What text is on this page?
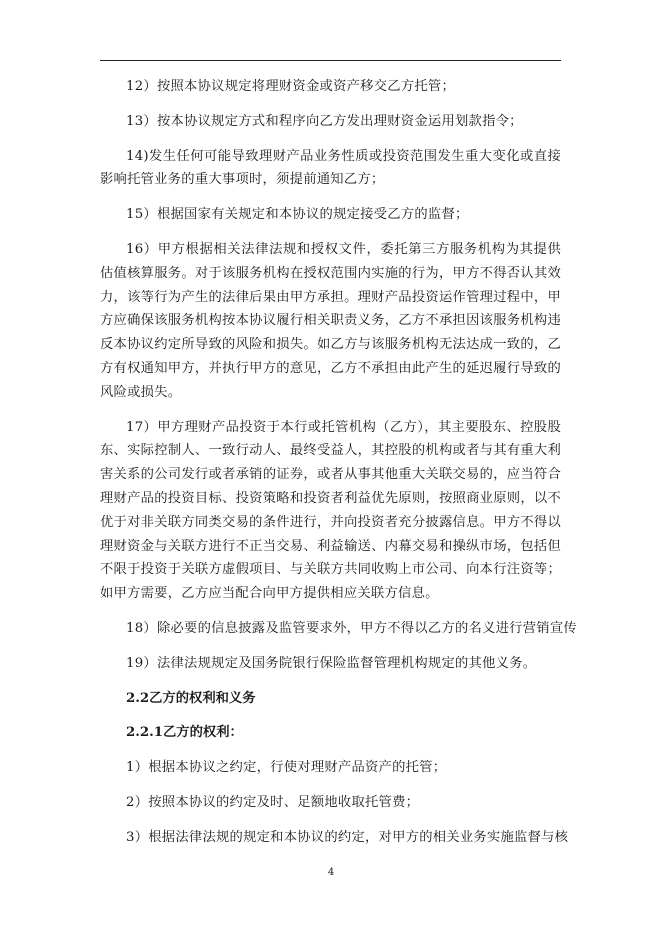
12）按照本协议规定将理财资金或资产移交乙方托管；

13）按本协议规定方式和程序向乙方发出理财资金运用划款指令；

14)发生任何可能导致理财产品业务性质或投资范围发生重大变化或直接影响托管业务的重大事项时，须提前通知乙方；

15）根据国家有关规定和本协议的规定接受乙方的监督；

16）甲方根据相关法律法规和授权文件，委托第三方服务机构为其提供估值核算服务。对于该服务机构在授权范围内实施的行为，甲方不得否认其效力，该等行为产生的法律后果由甲方承担。理财产品投资运作管理过程中，甲方应确保该服务机构按本协议履行相关职责义务，乙方不承担因该服务机构违反本协议约定所导致的风险和损失。如乙方与该服务机构无法达成一致的，乙方有权通知甲方，并执行甲方的意见，乙方不承担由此产生的延迟履行导致的风险或损失。

17）甲方理财产品投资于本行或托管机构（乙方），其主要股东、控股股东、实际控制人、一致行动人、最终受益人，其控股的机构或者与其有重大利害关系的公司发行或者承销的证券，或者从事其他重大关联交易的，应当符合理财产品的投资目标、投资策略和投资者利益优先原则，按照商业原则，以不优于对非关联方同类交易的条件进行，并向投资者充分披露信息。甲方不得以理财资金与关联方进行不正当交易、利益输送、内幕交易和操纵市场，包括但不限于投资于关联方虚假项目、与关联方共同收购上市公司、向本行注资等；如甲方需要，乙方应当配合向甲方提供相应关联方信息。

18）除必要的信息披露及监管要求外，甲方不得以乙方的名义进行营销宣传

19）法律法规规定及国务院银行保险监督管理机构规定的其他义务。

2.2乙方的权利和义务

2.2.1乙方的权利：

1）根据本协议之约定，行使对理财产品资产的托管；

2）按照本协议的约定及时、足额地收取托管费；

3）根据法律法规的规定和本协议的约定，对甲方的相关业务实施监督与核

4
